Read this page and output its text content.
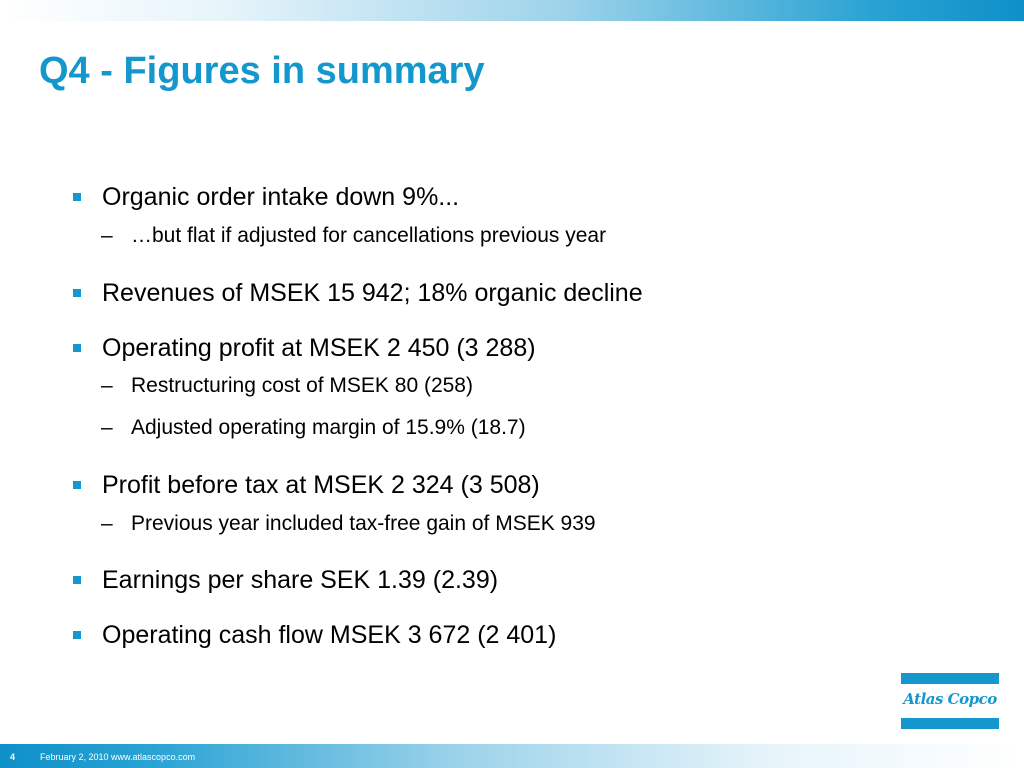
Q4 - Figures in summary
Organic order intake down 9%...
– …but flat if adjusted for cancellations previous year
Revenues of MSEK 15 942; 18% organic decline
Operating profit at MSEK 2 450 (3 288)
– Restructuring cost of MSEK 80 (258)
– Adjusted operating margin of 15.9% (18.7)
Profit before tax at MSEK 2 324 (3 508)
– Previous year included tax-free gain of MSEK 939
Earnings per share SEK 1.39 (2.39)
Operating cash flow MSEK 3 672 (2 401)
Atlas Copco
4	February 2, 2010 www.atlascopco.com
